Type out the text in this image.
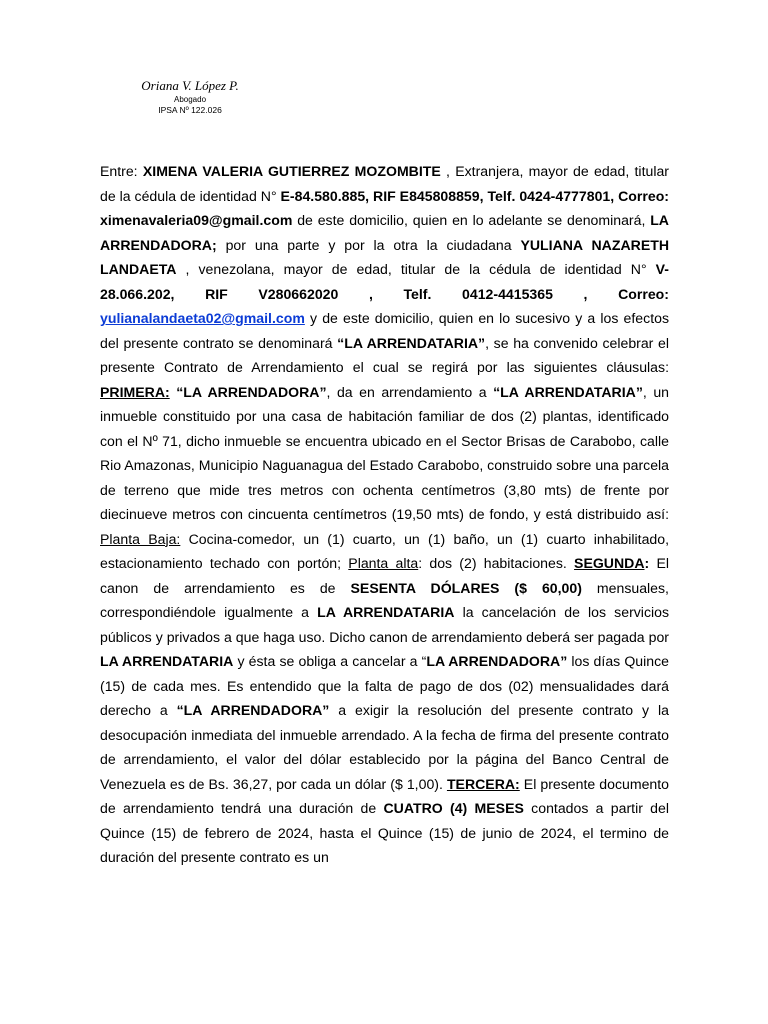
Oriana V. López P.
Abogado
IPSA Nº 122.026

Entre: XIMENA VALERIA GUTIERREZ MOZOMBITE , Extranjera, mayor de edad, titular de la cédula de identidad N° E-84.580.885, RIF E845808859, Telf. 0424-4777801, Correo: ximenavaleria09@gmail.com de este domicilio, quien en lo adelante se denominará, LA ARRENDADORA; por una parte y por la otra la ciudadana YULIANA NAZARETH LANDAETA , venezolana, mayor de edad, titular de la cédula de identidad N° V-28.066.202, RIF V280662020 , Telf. 0412-4415365 , Correo: yulianalandaeta02@gmail.com y de este domicilio, quien en lo sucesivo y a los efectos del presente contrato se denominará “LA ARRENDATARIA”, se ha convenido celebrar el presente Contrato de Arrendamiento el cual se regirá por las siguientes cláusulas: PRIMERA: “LA ARRENDADORA”, da en arrendamiento a “LA ARRENDATARIA”, un inmueble constituido por una casa de habitación familiar de dos (2) plantas, identificado con el Nº 71, dicho inmueble se encuentra ubicado en el Sector Brisas de Carabobo, calle Rio Amazonas, Municipio Naguanagua del Estado Carabobo, construido sobre una parcela de terreno que mide tres metros con ochenta centímetros (3,80 mts) de frente por diecinueve metros con cincuenta centímetros (19,50 mts) de fondo, y está distribuido así: Planta Baja: Cocina-comedor, un (1) cuarto, un (1) baño, un (1) cuarto inhabilitado, estacionamiento techado con portón; Planta alta: dos (2) habitaciones. SEGUNDA: El canon de arrendamiento es de SESENTA DÓLARES ($ 60,00) mensuales, correspondiéndole igualmente a LA ARRENDATARIA la cancelación de los servicios públicos y privados a que haga uso. Dicho canon de arrendamiento deberá ser pagada por LA ARRENDATARIA y ésta se obliga a cancelar a “LA ARRENDADORA” los días Quince (15) de cada mes. Es entendido que la falta de pago de dos (02) mensualidades dará derecho a “LA ARRENDADORA” a exigir la resolución del presente contrato y la desocupación inmediata del inmueble arrendado. A la fecha de firma del presente contrato de arrendamiento, el valor del dólar establecido por la página del Banco Central de Venezuela es de Bs. 36,27, por cada un dólar ($ 1,00). TERCERA: El presente documento de arrendamiento tendrá una duración de CUATRO (4) MESES contados a partir del Quince (15) de febrero de 2024, hasta el Quince (15) de junio de 2024, el termino de duración del presente contrato es un
